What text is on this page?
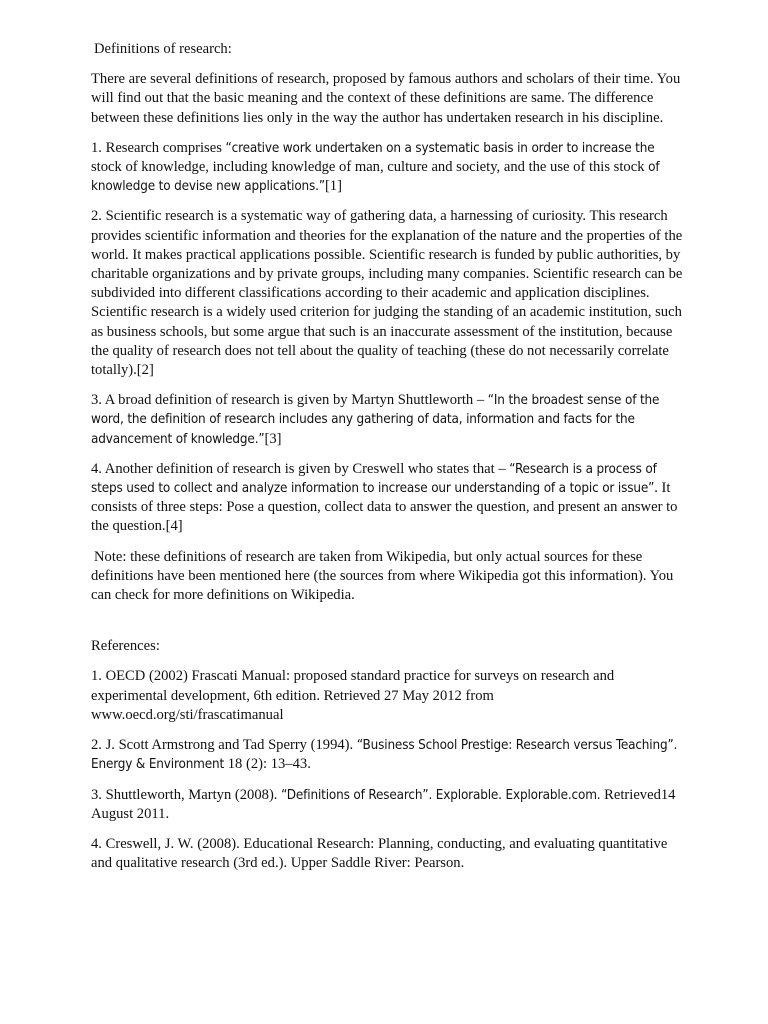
Definitions of research:

There are several definitions of research, proposed by famous authors and scholars of their time. You will find out that the basic meaning and the context of these definitions are same. The difference between these definitions lies only in the way the author has undertaken research in his discipline.

1. Research comprises “creative work undertaken on a systematic basis in order to increase the stock of knowledge, including knowledge of man, culture and society, and the use of this stock of knowledge to devise new applications.”[1]

2. Scientific research is a systematic way of gathering data, a harnessing of curiosity. This research provides scientific information and theories for the explanation of the nature and the properties of the world. It makes practical applications possible. Scientific research is funded by public authorities, by charitable organizations and by private groups, including many companies. Scientific research can be subdivided into different classifications according to their academic and application disciplines. Scientific research is a widely used criterion for judging the standing of an academic institution, such as business schools, but some argue that such is an inaccurate assessment of the institution, because the quality of research does not tell about the quality of teaching (these do not necessarily correlate totally).[2]

3. A broad definition of research is given by Martyn Shuttleworth – “In the broadest sense of the word, the definition of research includes any gathering of data, information and facts for the advancement of knowledge.”[3]

4. Another definition of research is given by Creswell who states that – “Research is a process of steps used to collect and analyze information to increase our understanding of a topic or issue”. It consists of three steps: Pose a question, collect data to answer the question, and present an answer to the question.[4]

Note: these definitions of research are taken from Wikipedia, but only actual sources for these definitions have been mentioned here (the sources from where Wikipedia got this information). You can check for more definitions on Wikipedia.

References:

1. OECD (2002) Frascati Manual: proposed standard practice for surveys on research and experimental development, 6th edition. Retrieved 27 May 2012 from www.oecd.org/sti/frascatimanual

2. J. Scott Armstrong and Tad Sperry (1994). “Business School Prestige: Research versus Teaching”. Energy & Environment 18 (2): 13–43.

3. Shuttleworth, Martyn (2008). “Definitions of Research”. Explorable. Explorable.com. Retrieved14 August 2011.

4. Creswell, J. W. (2008). Educational Research: Planning, conducting, and evaluating quantitative and qualitative research (3rd ed.). Upper Saddle River: Pearson.
